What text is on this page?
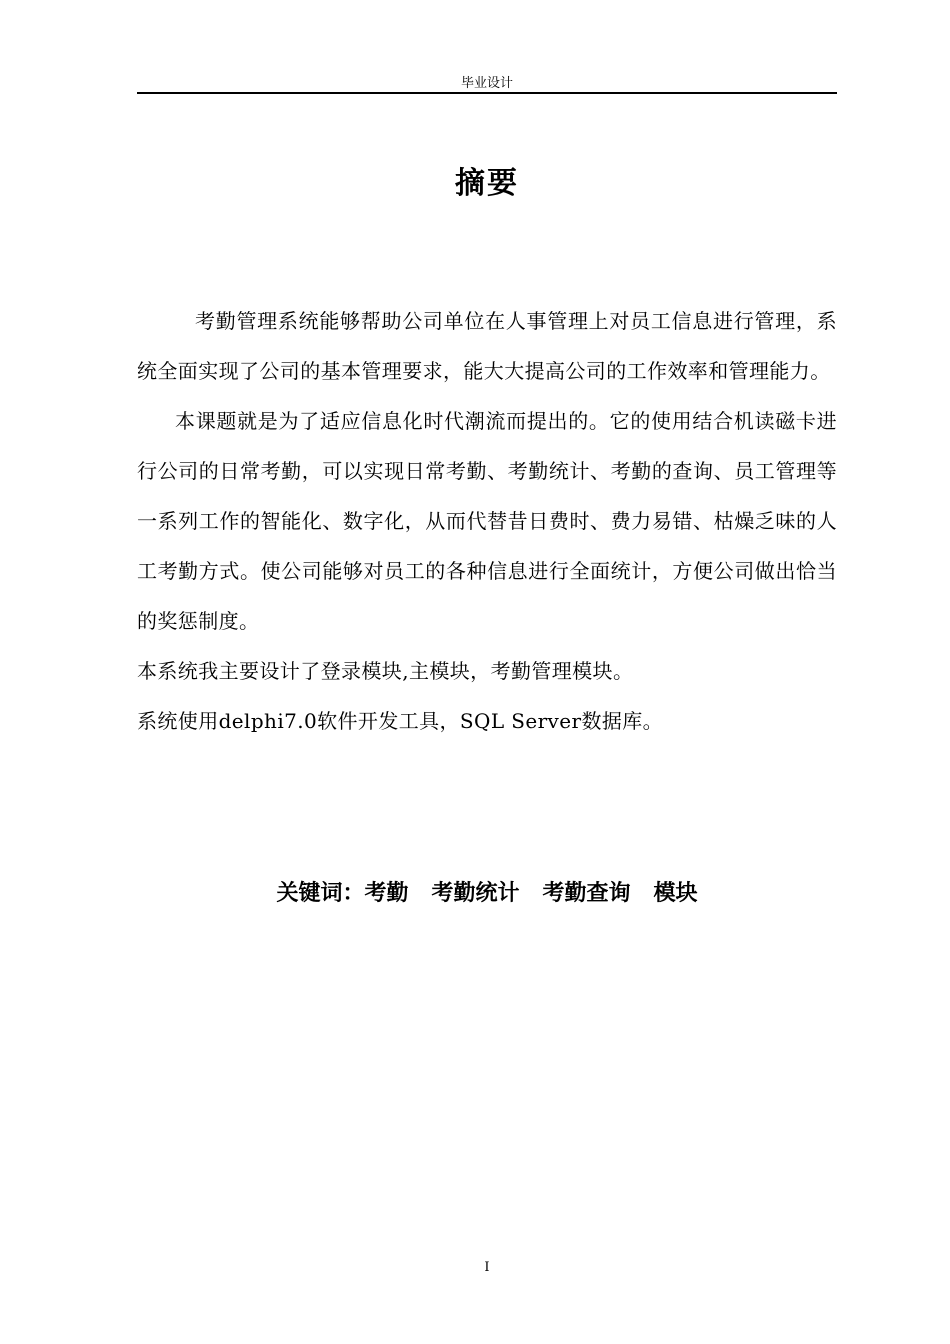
毕业设计
摘要

考勤管理系统能够帮助公司单位在人事管理上对员工信息进行管理，系统全面实现了公司的基本管理要求，能大大提高公司的工作效率和管理能力。

本课题就是为了适应信息化时代潮流而提出的。它的使用结合机读磁卡进行公司的日常考勤，可以实现日常考勤、考勤统计、考勤的查询、员工管理等一系列工作的智能化、数字化，从而代替昔日费时、费力易错、枯燥乏味的人工考勤方式。使公司能够对员工的各种信息进行全面统计，方便公司做出恰当的奖惩制度。

本系统我主要设计了登录模块,主模块，考勤管理模块。

系统使用delphi7.0软件开发工具，SQL Server数据库。

关键词：考勤   考勤统计   考勤查询   模块
I
